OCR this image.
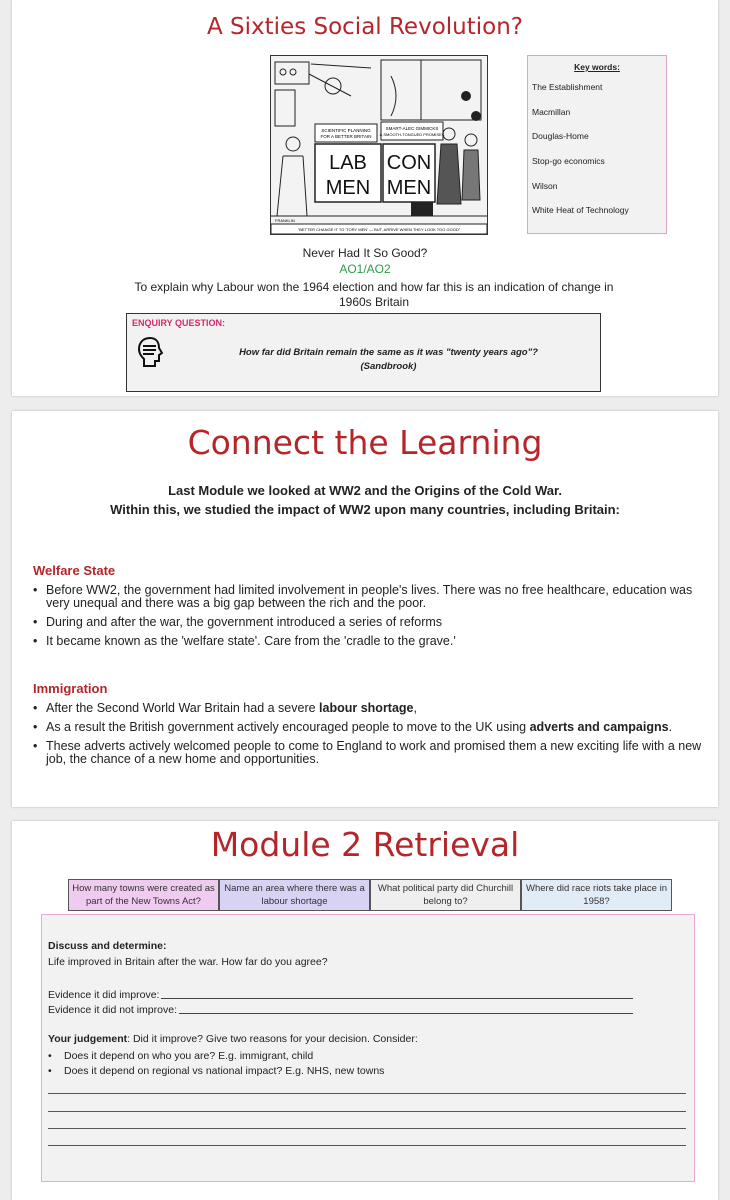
A Sixties Social Revolution?
LAB
MEN
CON
MEN
SCIENTIFIC PLANNING
FOR A BETTER BRITAIN
SMART-ALEC GIMMICKS
& SMOOTH-TONGUED PROMISES
FRANKLIN
"BETTER CHANGE IT TO 'TORY MEN' — BUT, ARRIVE WHEN THEY LOOK TOO GOOD"
Key words:
The Establishment
Macmillan
Douglas-Home
Stop-go economics
Wilson
White Heat of Technology
Never Had It So Good?
AO1/AO2
To explain why Labour won the 1964 election and how far this is an indication of change in 1960s Britain
ENQUIRY QUESTION:
How far did Britain remain the same as it was "twenty years ago"?
(Sandbrook)
Connect the Learning
Last Module we looked at WW2 and the Origins of the Cold War.
Within this, we studied the impact of WW2 upon many countries, including Britain:
Welfare State
• Before WW2, the government had limited involvement in people's lives. There was no free healthcare, education was very unequal and there was a big gap between the rich and the poor.
• During and after the war, the government introduced a series of reforms
• It became known as the 'welfare state'. Care from the 'cradle to the grave.'
Immigration
• After the Second World War Britain had a severe labour shortage,
• As a result the British government actively encouraged people to move to the UK using adverts and campaigns.
• These adverts actively welcomed people to come to England to work and promised them a new exciting life with a new job, the chance of a new home and opportunities.
Module 2 Retrieval
How many towns were created as part of the New Towns Act?
Name an area where there was a labour shortage
What political party did Churchill belong to?
Where did race riots take place in 1958?
Discuss and determine:
Life improved in Britain after the war. How far do you agree?
Evidence it did improve:
Evidence it did not improve:
Your judgement: Did it improve? Give two reasons for your decision. Consider:
• Does it depend on who you are? E.g. immigrant, child
• Does it depend on regional vs national impact? E.g. NHS, new towns
